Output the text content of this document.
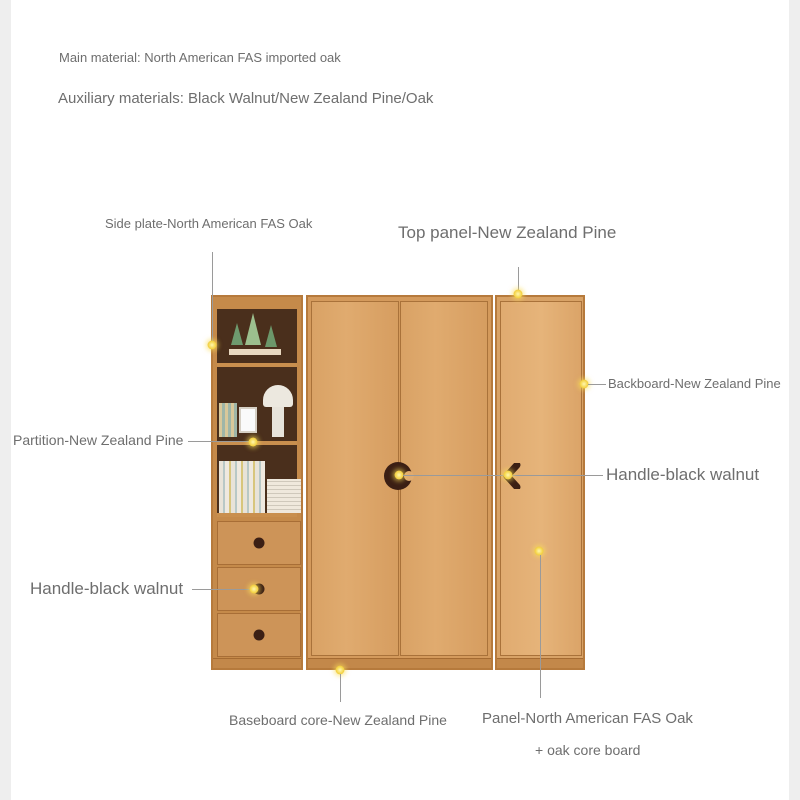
Main material: North American FAS imported oak
Auxiliary materials: Black Walnut/New Zealand Pine/Oak
Side plate-North American FAS Oak	Top panel-New Zealand Pine
Backboard-New Zealand Pine
Partition-New Zealand Pine
Handle-black walnut
Handle-black walnut
Baseboard core-New Zealand Pine Panel-North American FAS Oak
+ oak core board
